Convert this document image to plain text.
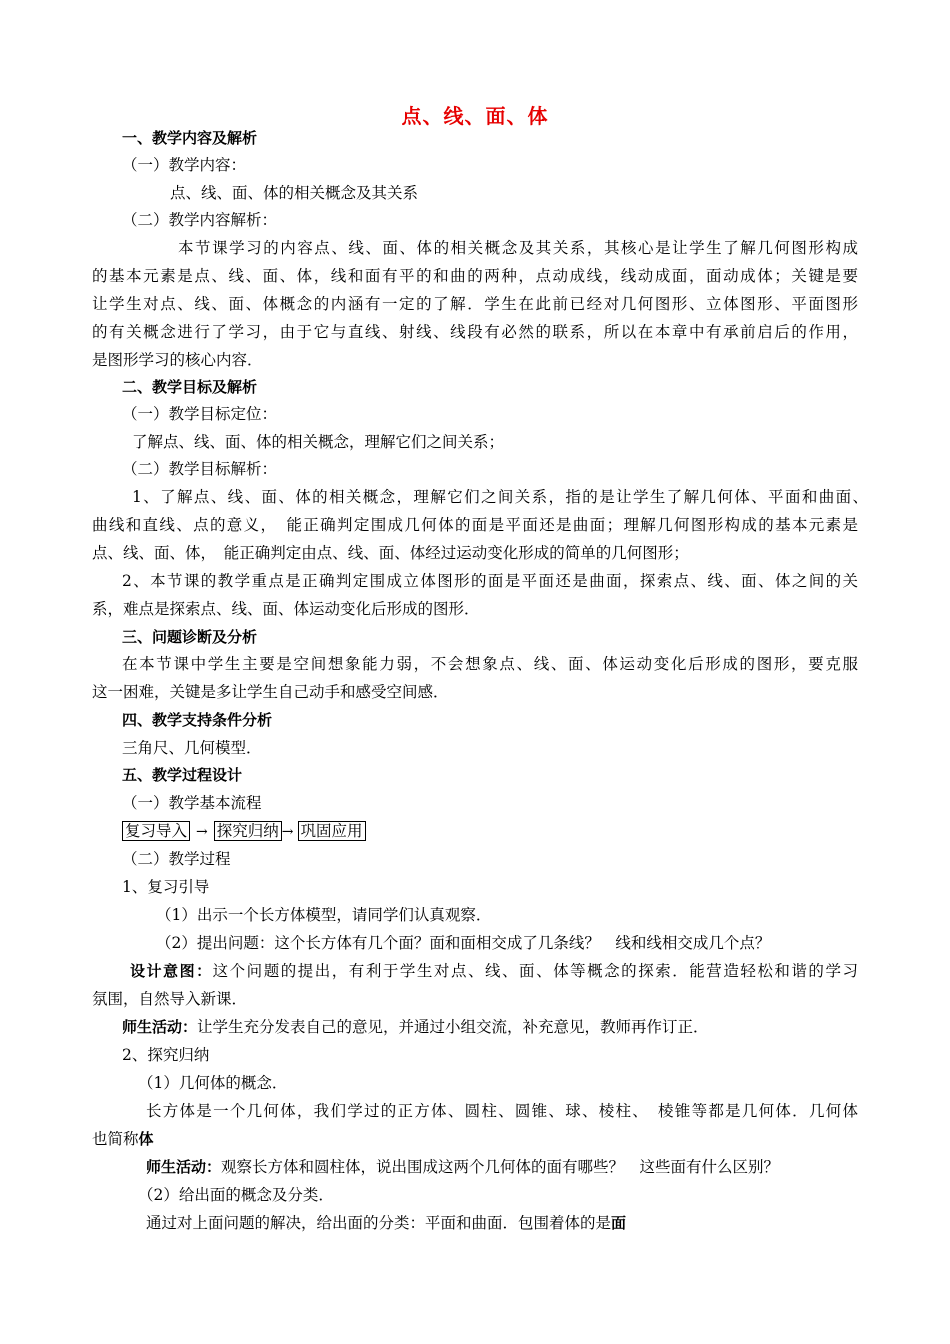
点、线、面、体
一、教学内容及解析
（一）教学内容：
点、线、面、体的相关概念及其关系
（二）教学内容解析：
本节课学习的内容点、线、面、体的相关概念及其关系，其核心是让学生了解几何图形构成
的基本元素是点、线、面、体，线和面有平的和曲的两种，点动成线，线动成面，面动成体；关键是要
让学生对点、线、面、体概念的内涵有一定的了解．学生在此前已经对几何图形、立体图形、平面图形
的有关概念进行了学习，由于它与直线、射线、线段有必然的联系，所以在本章中有承前启后的作用，
是图形学习的核心内容．
二、教学目标及解析
（一）教学目标定位：
了解点、线、面、体的相关概念，理解它们之间关系；
（二）教学目标解析：
1、了解点、线、面、体的相关概念，理解它们之间关系，指的是让学生了解几何体、平面和曲面、
曲线和直线、点的意义，　能正确判定围成几何体的面是平面还是曲面；理解几何图形构成的基本元素是
点、线、面、体，　能正确判定由点、线、面、体经过运动变化形成的简单的几何图形；
2、本节课的教学重点是正确判定围成立体图形的面是平面还是曲面，探索点、线、面、体之间的关
系，难点是探索点、线、面、体运动变化后形成的图形．
三、问题诊断及分析
在本节课中学生主要是空间想象能力弱，不会想象点、线、面、体运动变化后形成的图形，要克服
这一困难，关键是多让学生自己动手和感受空间感．
四、教学支持条件分析
三角尺、几何模型．
五、教学过程设计
（一）教学基本流程
复习导入 → 探究归纳 → 巩固应用
（二）教学过程
1、复习引导
（1）出示一个长方体模型，请同学们认真观察．
（2）提出问题：这个长方体有几个面？面和面相交成了几条线？　线和线相交成几个点？
设计意图：这个问题的提出，有利于学生对点、线、面、体等概念的探索．能营造轻松和谐的学习
氛围，自然导入新课．
师生活动：让学生充分发表自己的意见，并通过小组交流，补充意见，教师再作订正．
2、探究归纳
（1）几何体的概念．
长方体是一个几何体，我们学过的正方体、圆柱、圆锥、球、棱柱、　棱锥等都是几何体．几何体
也简称体
师生活动：观察长方体和圆柱体，说出围成这两个几何体的面有哪些？　这些面有什么区别？
（2）给出面的概念及分类．
通过对上面问题的解决，给出面的分类：平面和曲面．包围着体的是面
